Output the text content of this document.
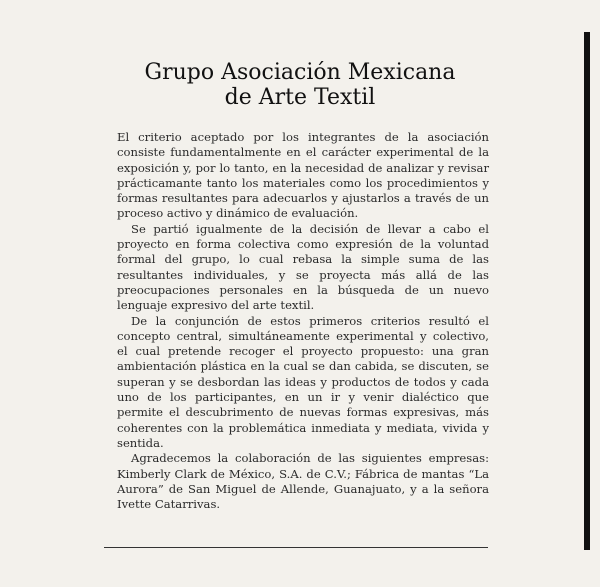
Grupo Asociación Mexicana
de Arte Textil

El criterio aceptado por los integrantes de la asociación consiste fundamentalmente en el carácter experimental de la exposición y, por lo tanto, en la necesidad de analizar y revisar prácticamante tanto los materiales como los procedimientos y formas resultantes para adecuarlos y ajustarlos a través de un proceso activo y dinámico de evaluación.

Se partió igualmente de la decisión de llevar a cabo el proyecto en forma colectiva como expresión de la voluntad formal del grupo, lo cual rebasa la simple suma de las resultantes individuales, y se proyecta más allá de las preocupaciones personales en la búsqueda de un nuevo lenguaje expresivo del arte textil.

De la conjunción de estos primeros criterios resultó el concepto central, simultáneamente experimental y colectivo, el cual pretende recoger el proyecto propuesto: una gran ambientación plástica en la cual se dan cabida, se discuten, se superan y se desbordan las ideas y productos de todos y cada uno de los participantes, en un ir y venir dialéctico que permite el descubrimento de nuevas formas expresivas, más coherentes con la problemática inmediata y mediata, vivida y sentida.

Agradecemos la colaboración de las siguientes empresas: Kimberly Clark de México, S.A. de C.V.; Fábrica de mantas “La Aurora” de San Miguel de Allende, Guanajuato, y a la señora Ivette Catarrivas.
